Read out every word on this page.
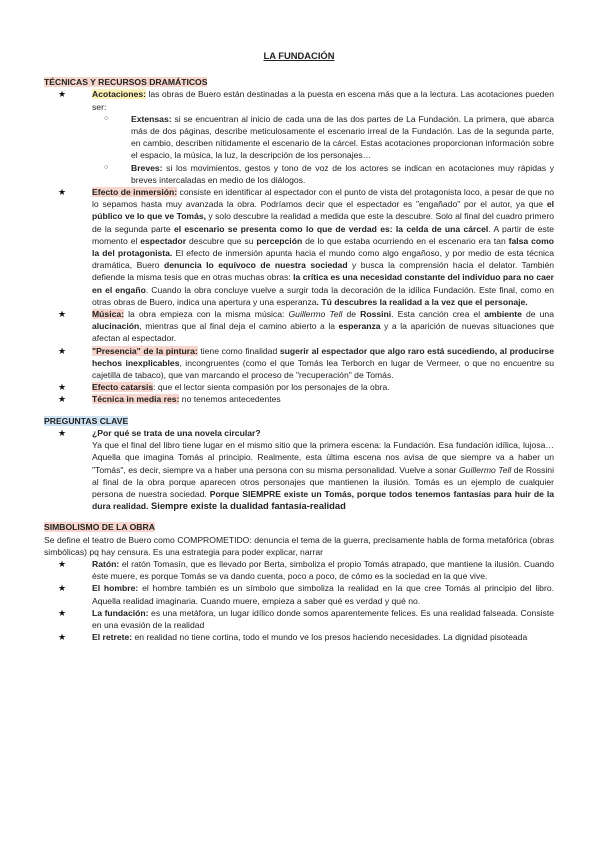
LA FUNDACIÓN
TÉCNICAS Y RECURSOS DRAMÁTICOS
★ Acotaciones: las obras de Buero están destinadas a la puesta en escena más que a la lectura. Las acotaciones pueden ser:
○ Extensas: si se encuentran al inicio de cada una de las dos partes de La Fundación. La primera, que abarca más de dos páginas, describe meticulosamente el escenario irreal de la Fundación. Las de la segunda parte, en cambio, describen nítidamente el escenario de la cárcel. Estas acotaciones proporcionan información sobre el espacio, la música, la luz, la descripción de los personajes…
○ Breves: si los movimientos, gestos y tono de voz de los actores se indican en acotaciones muy rápidas y breves intercaladas en medio de los diálogos.
★ Efecto de inmersión: consiste en identificar al espectador con el punto de vista del protagonista loco, a pesar de que no lo sepamos hasta muy avanzada la obra. Podríamos decir que el espectador es "engañado" por el autor, ya que el público ve lo que ve Tomás, y solo descubre la realidad a medida que este la descubre. Solo al final del cuadro primero de la segunda parte el escenario se presenta como lo que de verdad es: la celda de una cárcel. A partir de este momento el espectador descubre que su percepción de lo que estaba ocurriendo en el escenario era tan falsa como la del protagonista. El efecto de inmersión apunta hacia el mundo como algo engañoso, y por medio de esta técnica dramática, Buero denuncia lo equívoco de nuestra sociedad y busca la comprensión hacia el delator. También defiende la misma tesis que en otras muchas obras: la crítica es una necesidad constante del individuo para no caer en el engaño. Cuando la obra concluye vuelve a surgir toda la decoración de la idílica Fundación. Este final, como en otras obras de Buero, indica una apertura y una esperanza. Tú descubres la realidad a la vez que el personaje.
★ Música: la obra empieza con la misma música: Guillermo Tell de Rossini. Esta canción crea el ambiente de una alucinación, mientras que al final deja el camino abierto a la esperanza y a la aparición de nuevas situaciones que afectan al espectador.
★ "Presencia" de la pintura: tiene como finalidad sugerir al espectador que algo raro está sucediendo, al producirse hechos inexplicables, incongruentes (como el que Tomás lea Terborch en lugar de Vermeer, o que no encuentre su cajetilla de tabaco), que van marcando el proceso de "recuperación" de Tomás.
★ Efecto catarsis: que el lector sienta compasión por los personajes de la obra.
★ Técnica in media res: no tenemos antecedentes
PREGUNTAS CLAVE
★ ¿Por qué se trata de una novela circular?
Ya que el final del libro tiene lugar en el mismo sitio que la primera escena: la Fundación. Esa fundación idílica, lujosa… Aquella que imagina Tomás al principio. Realmente, esta última escena nos avisa de que siempre va a haber un "Tomás", es decir, siempre va a haber una persona con su misma personalidad. Vuelve a sonar Guillermo Tell de Rossini al final de la obra porque aparecen otros personajes que mantienen la ilusión. Tomás es un ejemplo de cualquier persona de nuestra sociedad. Porque SIEMPRE existe un Tomás, porque todos tenemos fantasías para huir de la dura realidad. Siempre existe la dualidad fantasía-realidad
SIMBOLISMO DE LA OBRA

Se define el teatro de Buero como COMPROMETIDO: denuncia el tema de la guerra, precisamente habla de forma metafórica (obras simbólicas) pq hay censura. Es una estrategia para poder explicar, narrar

★ Ratón: el ratón Tomasín, que es llevado por Berta, simboliza el propio Tomás atrapado, que mantiene la ilusión. Cuando éste muere, es porque Tomás se va dando cuenta, poco a poco, de cómo es la sociedad en la que vive.
★ El hombre: el hombre también es un símbolo que simboliza la realidad en la que cree Tomás al principio del libro. Aquella realidad imaginaria. Cuando muere, empieza a saber qué es verdad y qué no.
★ La fundación: es una metáfora, un lugar idílico donde somos aparentemente felices. Es una realidad falseada. Consiste en una evasión de la realidad
★ El retrete: en realidad no tiene cortina, todo el mundo ve los presos haciendo necesidades. La dignidad pisoteada
